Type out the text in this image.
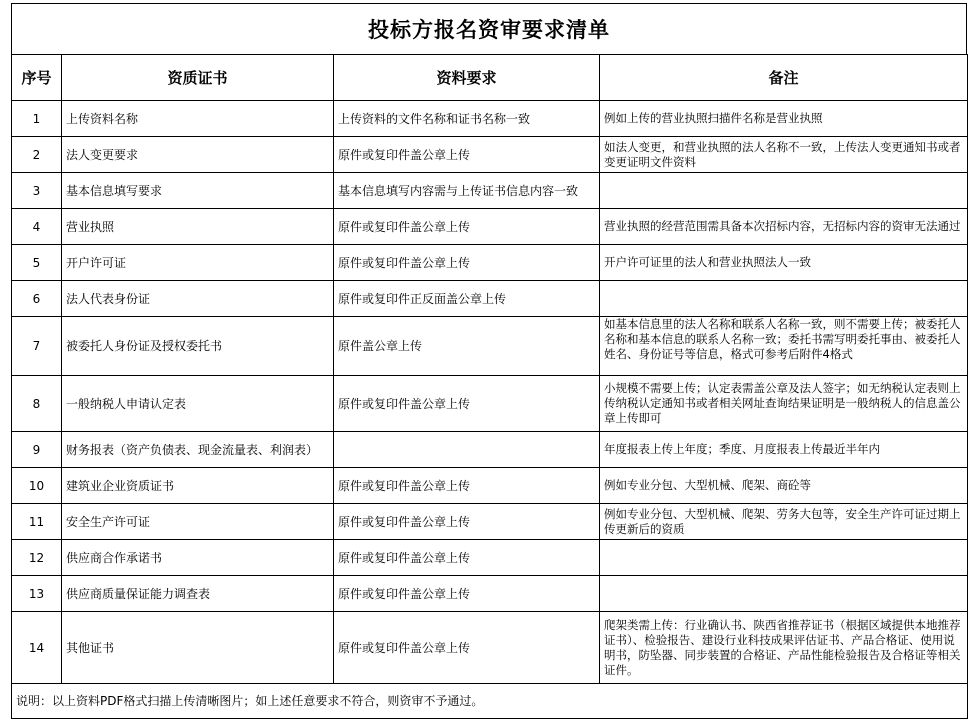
投标方报名资审要求清单
序号	资质证书	资料要求	备注
1	上传资料名称	上传资料的文件名称和证书名称一致	例如上传的营业执照扫描件名称是营业执照
2	法人变更要求	原件或复印件盖公章上传	如法人变更，和营业执照的法人名称不一致，上传法人变更通知书或者变更证明文件资料
3	基本信息填写要求	基本信息填写内容需与上传证书信息内容一致	
4	营业执照	原件或复印件盖公章上传	营业执照的经营范围需具备本次招标内容，无招标内容的资审无法通过
5	开户许可证	原件或复印件盖公章上传	开户许可证里的法人和营业执照法人一致
6	法人代表身份证	原件或复印件正反面盖公章上传	
7	被委托人身份证及授权委托书	原件盖公章上传	如基本信息里的法人名称和联系人名称一致，则不需要上传；被委托人名称和基本信息的联系人名称一致；委托书需写明委托事由、被委托人姓名、身份证号等信息，格式可参考后附件4格式

8	一般纳税人申请认定表	原件或复印件盖公章上传	小规模不需要上传；认定表需盖公章及法人签字；如无纳税认定表则上传纳税认定通知书或者相关网址查询结果证明是一般纳税人的信息盖公章上传即可
9	财务报表（资产负债表、现金流量表、利润表）		年度报表上传上年度；季度、月度报表上传最近半年内
10	建筑业企业资质证书	原件或复印件盖公章上传	例如专业分包、大型机械、爬架、商砼等
11	安全生产许可证	原件或复印件盖公章上传	例如专业分包、大型机械、爬架、劳务大包等，安全生产许可证过期上传更新后的资质
12	供应商合作承诺书	原件或复印件盖公章上传	
13	供应商质量保证能力调查表	原件或复印件盖公章上传	
14	其他证书	原件或复印件盖公章上传	爬架类需上传：行业确认书、陕西省推荐证书（根据区域提供本地推荐证书）、检验报告、建设行业科技成果评估证书、产品合格证、使用说明书，防坠器、同步装置的合格证、产品性能检验报告及合格证等相关证件。
说明：以上资料PDF格式扫描上传清晰图片；如上述任意要求不符合，则资审不予通过。			
